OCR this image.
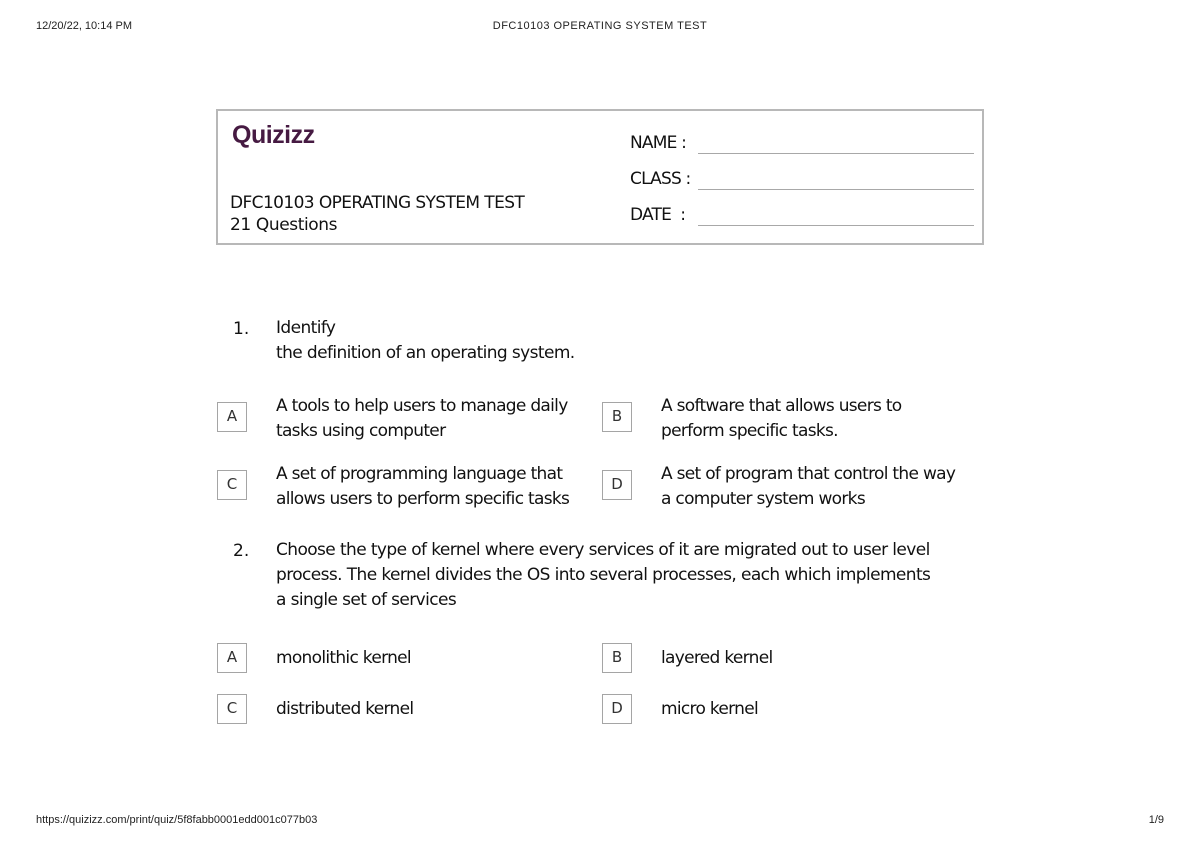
12/20/22, 10:14 PM	DFC10103 OPERATING SYSTEM TEST
Quizizz
DFC10103 OPERATING SYSTEM TEST
21 Questions
NAME :
CLASS :
DATE  :
1. Identify
the definition of an operating system.
A	A tools to help users to manage daily
tasks using computer
B	A software that allows users to
perform specific tasks.
C	A set of programming language that
allows users to perform specific tasks
D	A set of program that control the way
a computer system works
2. Choose the type of kernel where every services of it are migrated out to user level
process. The kernel divides the OS into several processes, each which implements
a single set of services
A	monolithic kernel	B	layered kernel
C	distributed kernel	D	micro kernel
https://quizizz.com/print/quiz/5f8fabb0001edd001c077b03	1/9
